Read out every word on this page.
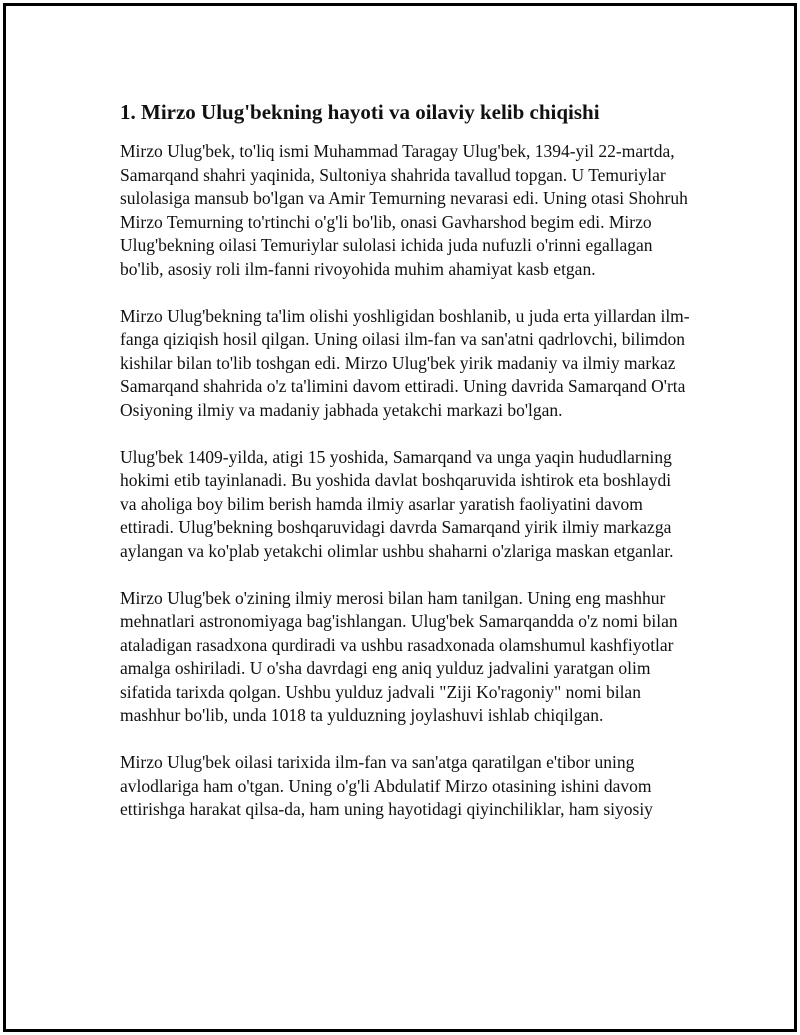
1. Mirzo Ulug'bekning hayoti va oilaviy kelib chiqishi

Mirzo Ulug'bek, to'liq ismi Muhammad Taragay Ulug'bek, 1394-yil 22-martda, Samarqand shahri yaqinida, Sultoniya shahrida tavallud topgan. U Temuriylar sulolasiga mansub bo'lgan va Amir Temurning nevarasi edi. Uning otasi Shohruh Mirzo Temurning to'rtinchi o'g'li bo'lib, onasi Gavharshod begim edi. Mirzo Ulug'bekning oilasi Temuriylar sulolasi ichida juda nufuzli o'rinni egallagan bo'lib, asosiy roli ilm-fanni rivoyohida muhim ahamiyat kasb etgan.

Mirzo Ulug'bekning ta'lim olishi yoshligidan boshlanib, u juda erta yillardan ilm-fanga qiziqish hosil qilgan. Uning oilasi ilm-fan va san'atni qadrlovchi, bilimdon kishilar bilan to'lib toshgan edi. Mirzo Ulug'bek yirik madaniy va ilmiy markaz Samarqand shahrida o'z ta'limini davom ettiradi. Uning davrida Samarqand O'rta Osiyoning ilmiy va madaniy jabhada yetakchi markazi bo'lgan.

Ulug'bek 1409-yilda, atigi 15 yoshida, Samarqand va unga yaqin hududlarning hokimi etib tayinlanadi. Bu yoshida davlat boshqaruvida ishtirok eta boshlaydi va aholiga boy bilim berish hamda ilmiy asarlar yaratish faoliyatini davom ettiradi. Ulug'bekning boshqaruvidagi davrda Samarqand yirik ilmiy markazga aylangan va ko'plab yetakchi olimlar ushbu shaharni o'zlariga maskan etganlar.

Mirzo Ulug'bek o'zining ilmiy merosi bilan ham tanilgan. Uning eng mashhur mehnatlari astronomiyaga bag'ishlangan. Ulug'bek Samarqandda o'z nomi bilan ataladigan rasadxona qurdiradi va ushbu rasadxonada olamshumul kashfiyotlar amalga oshiriladi. U o'sha davrdagi eng aniq yulduz jadvalini yaratgan olim sifatida tarixda qolgan. Ushbu yulduz jadvali "Ziji Ko'ragoniy" nomi bilan mashhur bo'lib, unda 1018 ta yulduzning joylashuvi ishlab chiqilgan.

Mirzo Ulug'bek oilasi tarixida ilm-fan va san'atga qaratilgan e'tibor uning avlodlariga ham o'tgan. Uning o'g'li Abdulatif Mirzo otasining ishini davom ettirishga harakat qilsa-da, ham uning hayotidagi qiyinchiliklar, ham siyosiy
